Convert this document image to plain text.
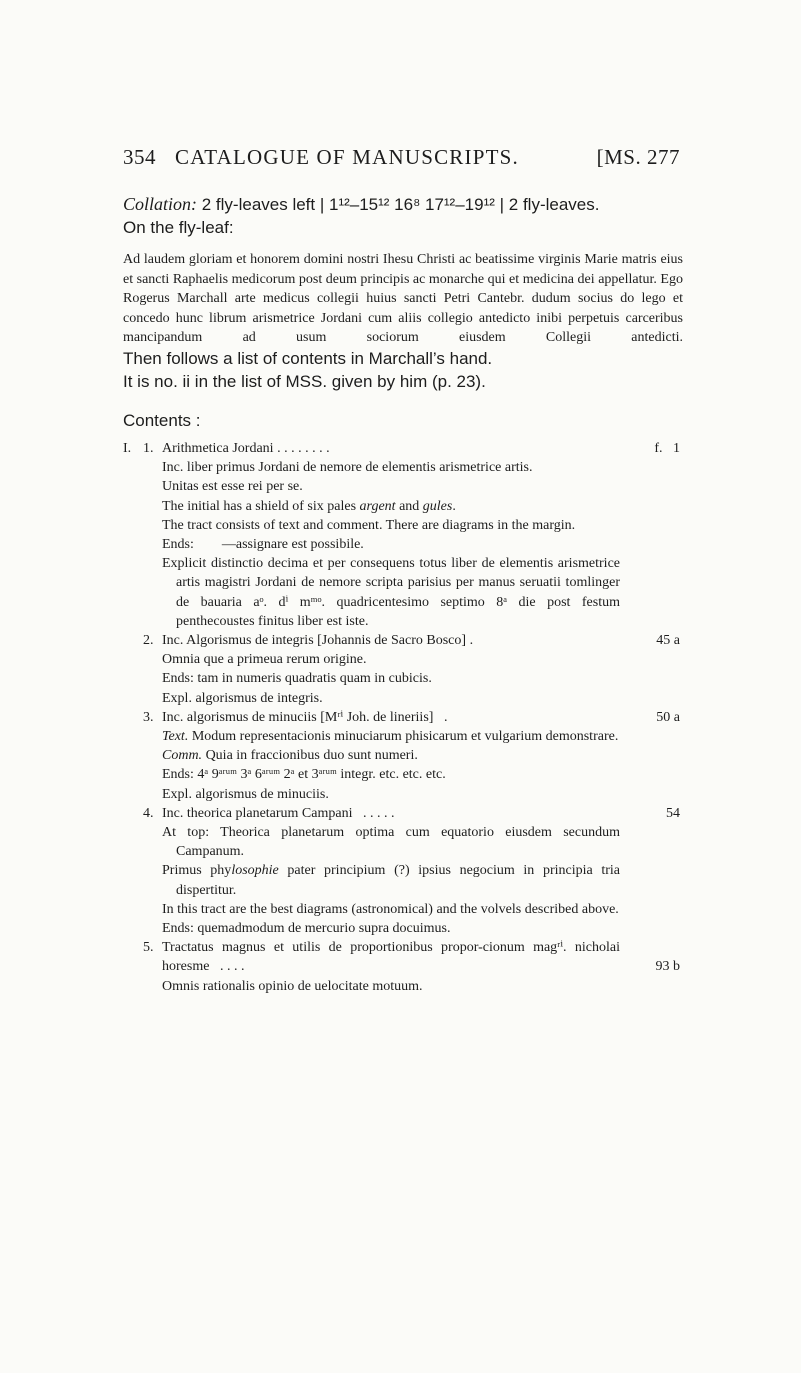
354 CATALOGUE OF MANUSCRIPTS.	[MS. 277
Collation: 2 fly-leaves left | 1¹²–15¹² 16⁸ 17¹²–19¹² | 2 fly-leaves.
On the fly-leaf:
Ad laudem gloriam et honorem domini nostri Ihesu Christi ac beatissime virginis Marie matris eius et sancti Raphaelis medicorum post deum principis ac monarche qui et medicina dei appellatur. Ego Rogerus Marchall arte medicus collegii huius sancti Petri Cantebr. dudum socius do lego et concedo hunc librum arismetrice Jordani cum aliis collegio antedicto inibi perpetuis carceribus mancipandum ad usum sociorum eiusdem Collegii antedicti.
Then follows a list of contents in Marchall’s hand.
It is no. ii in the list of MSS. given by him (p. 23).
Contents :
I. 1. Arithmetica Jordani . . . . . . . .

Inc. liber primus Jordani de nemore de elementis arismetrice artis.

Unitas est esse rei per se.

The initial has a shield of six pales argent and gules.

The tract consists of text and comment. There are diagrams in the margin.

Ends:        —assignare est possibile.

Explicit distinctio decima et per consequens totus liber de elementis arismetrice artis magistri Jordani de nemore scripta parisius per manus seruatii tomlinger de bauaria aᵒ. dⁱ mᵐᵒ. quadricentesimo septimo 8ᵃ die post festum penthecoustes finitus liber est iste.

f.   1
2. Inc. Algorismus de integris [Johannis de Sacro Bosco] .

Omnia que a primeua rerum origine.

Ends: tam in numeris quadratis quam in cubicis.

Expl. algorismus de integris.

45 a
3. Inc. algorismus de minuciis [Mʳⁱ Joh. de lineriis]   .

Text. Modum representacionis minuciarum phisicarum et vulgarium demonstrare.

Comm. Quia in fraccionibus duo sunt numeri.

Ends: 4ᵃ 9ᵃʳᵘᵐ 3ᵃ 6ᵃʳᵘᵐ 2ᵃ et 3ᵃʳᵘᵐ integr. etc. etc. etc.

Expl. algorismus de minuciis.

50 a
4. Inc. theorica planetarum Campani   . . . . .

At top: Theorica planetarum optima cum equatorio eiusdem secundum Campanum.

Primus phylosophie pater principium (?) ipsius negocium in principia tria dispertitur.

In this tract are the best diagrams (astronomical) and the volvels described above.

Ends: quemadmodum de mercurio supra docuimus.

54
5. Tractatus magnus et utilis de proportionibus propor-cionum magʳⁱ. nicholai horesme   . . . .

Omnis rationalis opinio de uelocitate motuum.

93 b
